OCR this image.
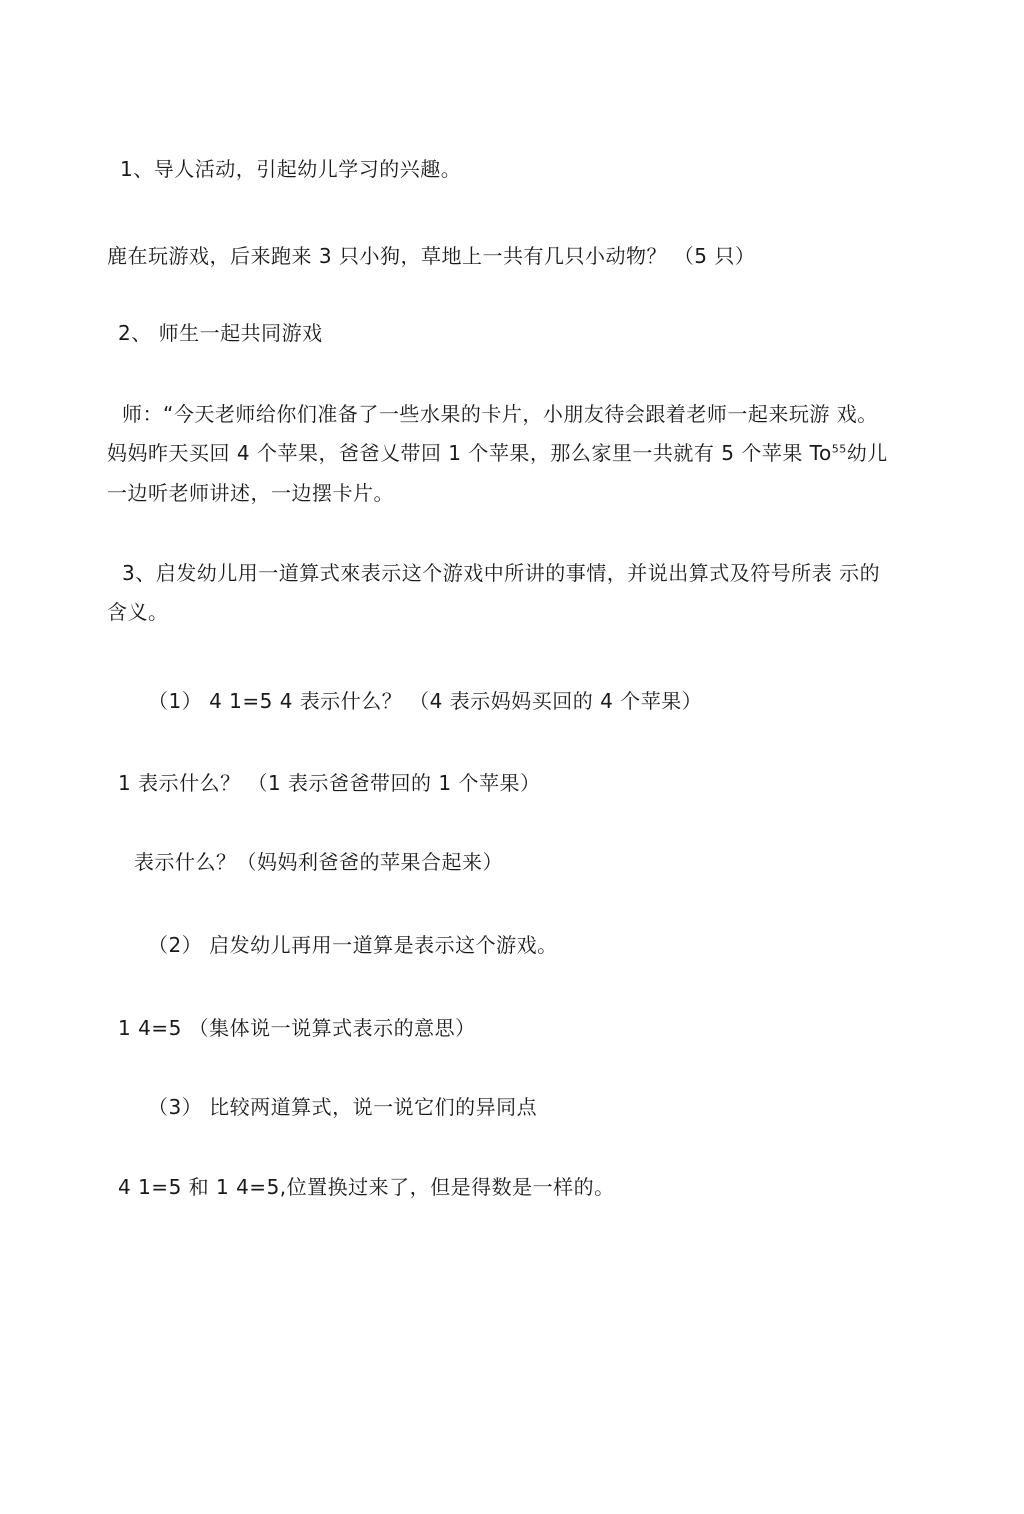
1、导人活动，引起幼儿学习的兴趣。
鹿在玩游戏，后来跑来 3 只小狗，草地上一共有几只小动物？ （5 只）
2、 师生一起共同游戏
师：“今天老师给你们准备了一些水果的卡片，小朋友待会跟着老师一起来玩游 戏。
妈妈昨天买回 4 个苹果，爸爸乂带回 1 个苹果，那么家里一共就有 5 个苹果 To$^{55}$幼儿
一边听老师讲述，一边摆卡片。
3、启发幼儿用一道算式來表示这个游戏中所讲的事情，并说出算式及符号所表 示的
含义。
（1） 4 1=5 4 表示什么？ （4 表示妈妈买回的 4 个苹果）
1 表示什么？ （1 表示爸爸带回的 1 个苹果）
表示什么？（妈妈利爸爸的苹果合起来）
（2） 启发幼儿再用一道算是表示这个游戏。
1 4=5 （集体说一说算式表示的意思）
（3） 比较两道算式，说一说它们的异同点
4 1=5 和 1 4=5,位置换过来了，但是得数是一样的。
